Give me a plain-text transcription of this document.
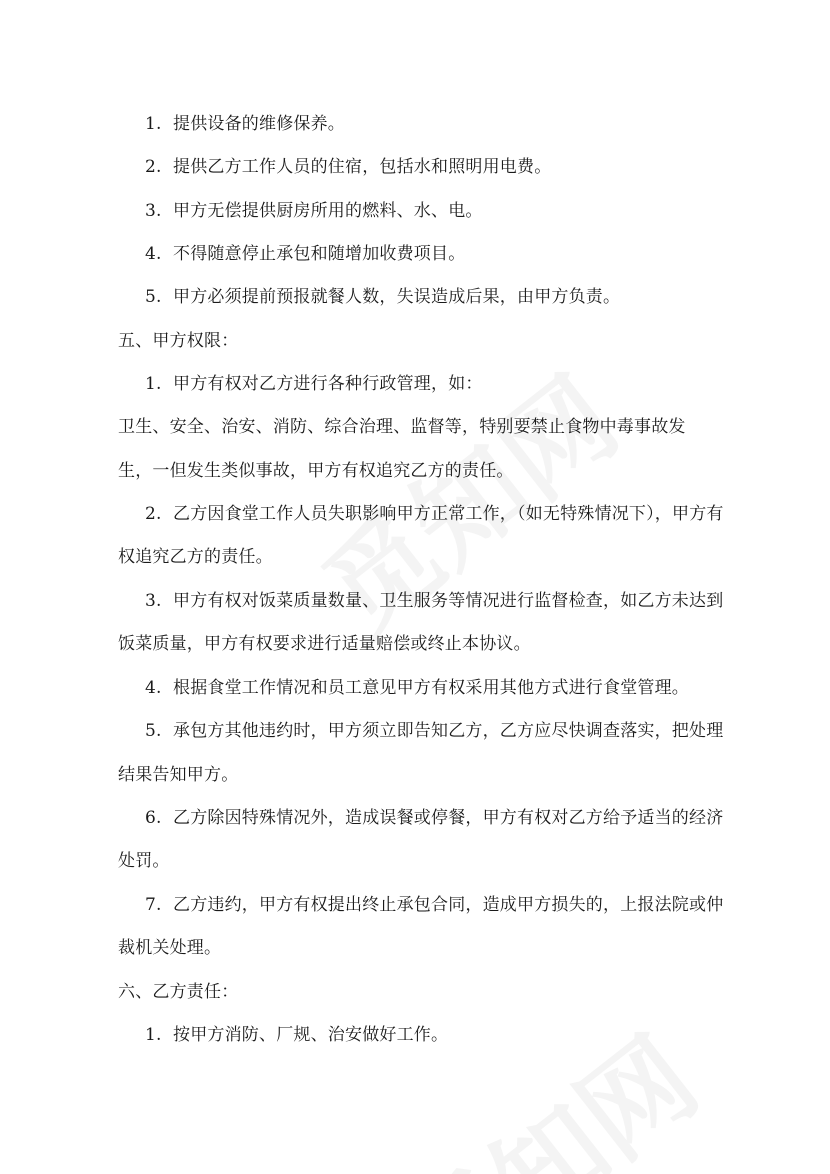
1. 提供设备的维修保养。
2. 提供乙方工作人员的住宿，包括水和照明用电费。
3. 甲方无偿提供厨房所用的燃料、水、电。
4. 不得随意停止承包和随增加收费项目。
5. 甲方必须提前预报就餐人数，失误造成后果，由甲方负责。
五、甲方权限：
1. 甲方有权对乙方进行各种行政管理，如：
卫生、安全、治安、消防、综合治理、监督等，特别要禁止食物中毒事故发
生，一但发生类似事故，甲方有权追究乙方的责任。
2. 乙方因食堂工作人员失职影响甲方正常工作，（如无特殊情况下），甲方有
权追究乙方的责任。
3. 甲方有权对饭菜质量数量、卫生服务等情况进行监督检查，如乙方未达到
饭菜质量，甲方有权要求进行适量赔偿或终止本协议。
4. 根据食堂工作情况和员工意见甲方有权采用其他方式进行食堂管理。
5. 承包方其他违约时，甲方须立即告知乙方，乙方应尽快调查落实，把处理
结果告知甲方。
6. 乙方除因特殊情况外，造成误餐或停餐，甲方有权对乙方给予适当的经济
处罚。
7. 乙方违约，甲方有权提出终止承包合同，造成甲方损失的，上报法院或仲
裁机关处理。
六、乙方责任：
1. 按甲方消防、厂规、治安做好工作。
